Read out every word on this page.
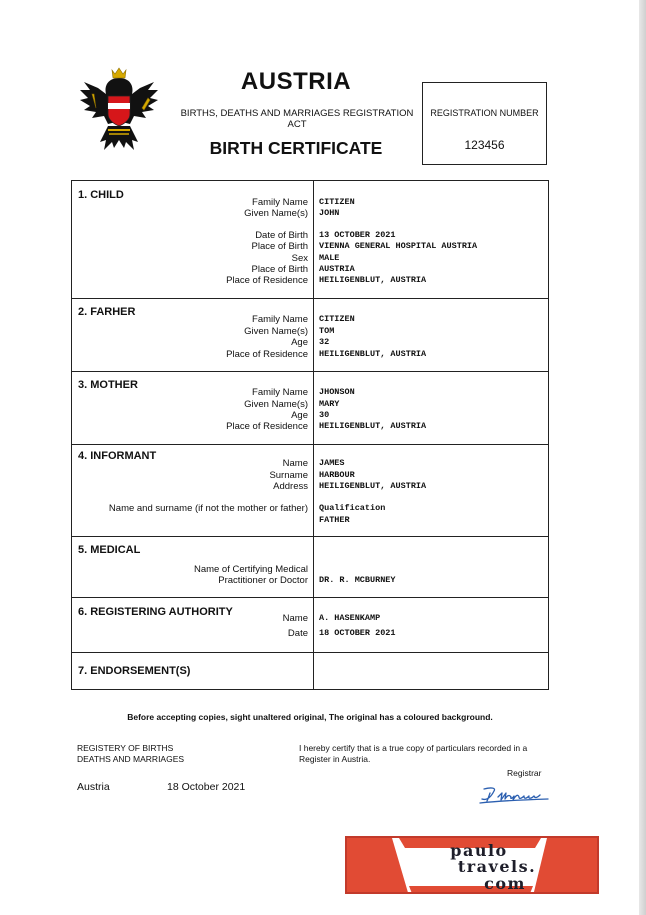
AUSTRIA
BIRTHS, DEATHS AND MARRIAGES REGISTRATION ACT
BIRTH CERTIFICATE
REGISTRATION NUMBER
123456
1. CHILD
Family Name
Given Name(s)
Date of Birth
Place of Birth
Sex
Place of Birth
Place of Residence
CITIZEN
JOHN
13 OCTOBER 2021
VIENNA GENERAL HOSPITAL AUSTRIA
MALE
AUSTRIA
HEILIGENBLUT, AUSTRIA
2. FARHER
Family Name
Given Name(s)
Age
Place of Residence
CITIZEN
TOM
32
HEILIGENBLUT, AUSTRIA
3. MOTHER
Family Name
Given Name(s)
Age
Place of Residence
JHONSON
MARY
30
HEILIGENBLUT, AUSTRIA
4. INFORMANT
Name
Surname
Address
Name and surname (if not the mother or father)
JAMES
HARBOUR
HEILIGENBLUT, AUSTRIA
Qualification
FATHER
5. MEDICAL
Name of Certifying Medical
Practitioner or Doctor DR. R. MCBURNEY
6. REGISTERING AUTHORITY
Name
Date
A. HASENKAMP
18 OCTOBER 2021
7. ENDORSEMENT(S)
Before accepting copies, sight unaltered original, The original has a coloured background.
REGISTERY OF BIRTHS
DEATHS AND MARRIAGES
I hereby certify that is a true copy of particulars recorded in a
Register in Austria.
Registrar
Austria	18 October 2021
paulo
travels.
com
